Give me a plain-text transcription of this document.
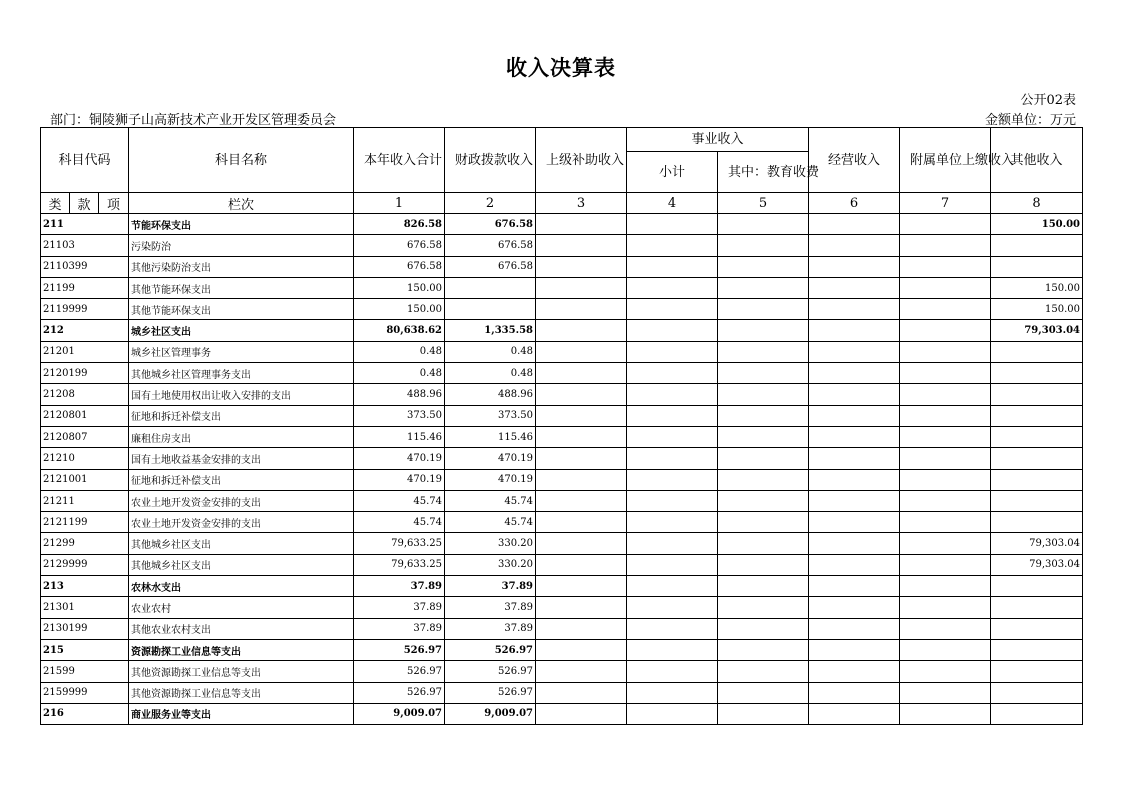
收入决算表
公开02表
部门：铜陵狮子山高新技术产业开发区管理委员会	金额单位：万元
科目代码			科目名称	本年收入合计	财政拨款收入	上级补助收入	事业收入		经营收入	附属单位上缴收入	其他收入
							小计	其中：教育收费			
类	款	项	栏次	1	2	3	4	5	6	7	8
211			节能环保支出	826.58	676.58						150.00
21103			污染防治	676.58	676.58						
2110399			其他污染防治支出	676.58	676.58						
21199			其他节能环保支出	150.00							150.00
2119999			其他节能环保支出	150.00							150.00
212			城乡社区支出	80,638.62	1,335.58						79,303.04
21201			城乡社区管理事务	0.48	0.48						
2120199			其他城乡社区管理事务支出	0.48	0.48						
21208			国有土地使用权出让收入安排的支出	488.96	488.96						
2120801			征地和拆迁补偿支出	373.50	373.50						
2120807			廉租住房支出	115.46	115.46						
21210			国有土地收益基金安排的支出	470.19	470.19						
2121001			征地和拆迁补偿支出	470.19	470.19						
21211			农业土地开发资金安排的支出	45.74	45.74						
2121199			农业土地开发资金安排的支出	45.74	45.74						
21299			其他城乡社区支出	79,633.25	330.20						79,303.04
2129999			其他城乡社区支出	79,633.25	330.20						79,303.04
213			农林水支出	37.89	37.89						
21301			农业农村	37.89	37.89						
2130199			其他农业农村支出	37.89	37.89						
215			资源勘探工业信息等支出	526.97	526.97						
21599			其他资源勘探工业信息等支出	526.97	526.97						
2159999			其他资源勘探工业信息等支出	526.97	526.97						
216			商业服务业等支出	9,009.07	9,009.07						
